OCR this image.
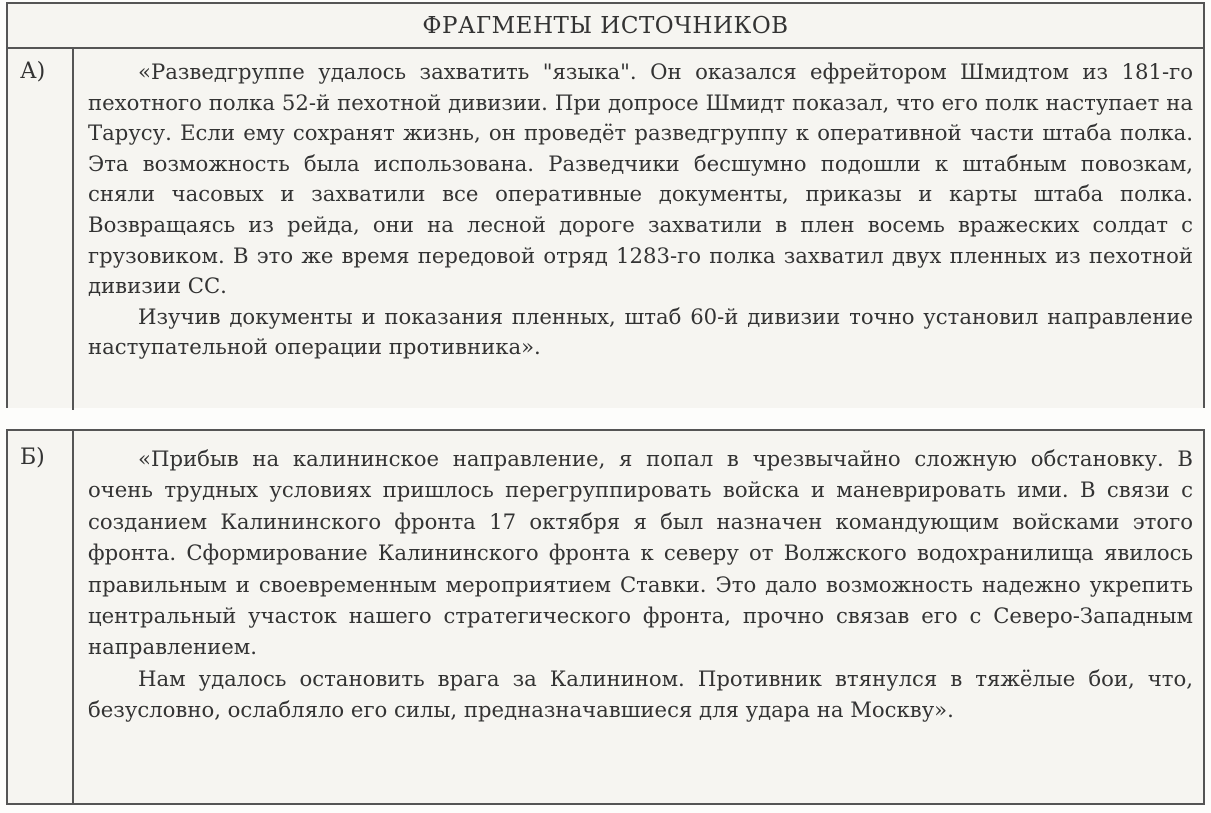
ФРАГМЕНТЫ ИСТОЧНИКОВ
А)	«Разведгруппе удалось захватить "языка". Он оказался ефрейтором Шмидтом из 181-го пехотного полка 52-й пехотной дивизии. При допросе Шмидт показал, что его полк наступает на Тарусу. Если ему сохранят жизнь, он проведёт разведгруппу к оперативной части штаба полка. Эта возможность была использована. Разведчики бесшумно подошли к штабным повозкам, сняли часовых и захватили все оперативные документы, приказы и карты штаба полка. Возвращаясь из рейда, они на лесной дороге захватили в плен восемь вражеских солдат с грузовиком. В это же время передовой отряд 1283-го полка захватил двух пленных из пехотной дивизии СС.

Изучив документы и показания пленных, штаб 60-й дивизии точно установил направление наступательной операции противника».

Б)	«Прибыв на калининское направление, я попал в чрезвычайно сложную обстановку. В очень трудных условиях пришлось перегруппировать войска и маневрировать ими. В связи с созданием Калининского фронта 17 октября я был назначен командующим войсками этого фронта. Сформирование Калининского фронта к северу от Волжского водохранилища явилось правильным и своевременным мероприятием Ставки. Это дало возможность надежно укрепить центральный участок нашего стратегического фронта, прочно связав его с Северо-Западным направлением.

Нам удалось остановить врага за Калинином. Противник втянулся в тяжёлые бои, что, безусловно, ослабляло его силы, предназначавшиеся для удара на Москву».
